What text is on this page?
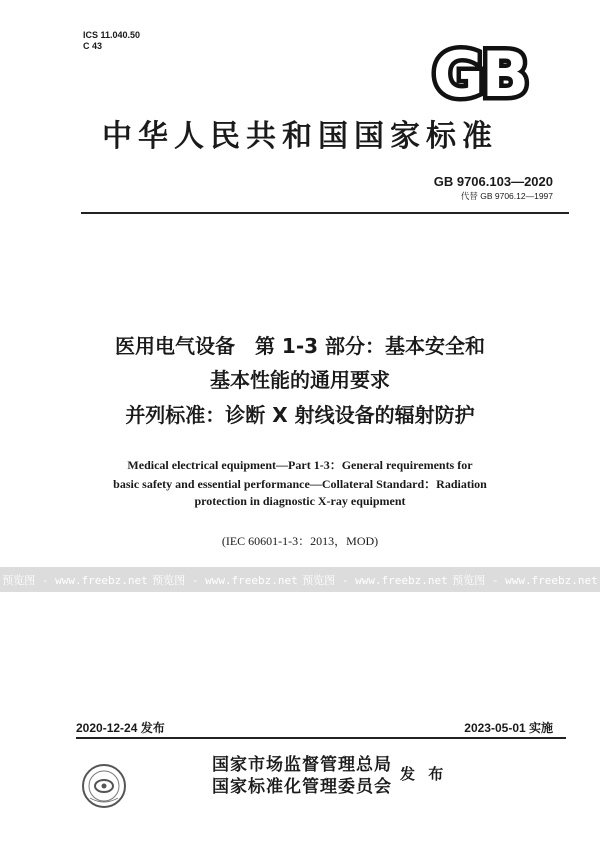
ICS 11.040.50
C 43	GB
中华人民共和国国家标准
GB 9706.103—2020
代替 GB 9706.12—1997
医用电气设备　第 1-3 部分：基本安全和
基本性能的通用要求
并列标准：诊断 X 射线设备的辐射防护
Medical electrical equipment—Part 1-3：General requirements for
basic safety and essential performance—Collateral Standard：Radiation
protection in diagnostic X-ray equipment
(IEC 60601-1-3：2013，MOD)
预览图 - www.freebz.net 预览图 - www.freebz.net 预览图 - www.freebz.net 预览图 - www.freebz.net
2020-12-24 发布	2023-05-01 实施
国家市场监督管理总局
国家标准化管理委员会
发 布
